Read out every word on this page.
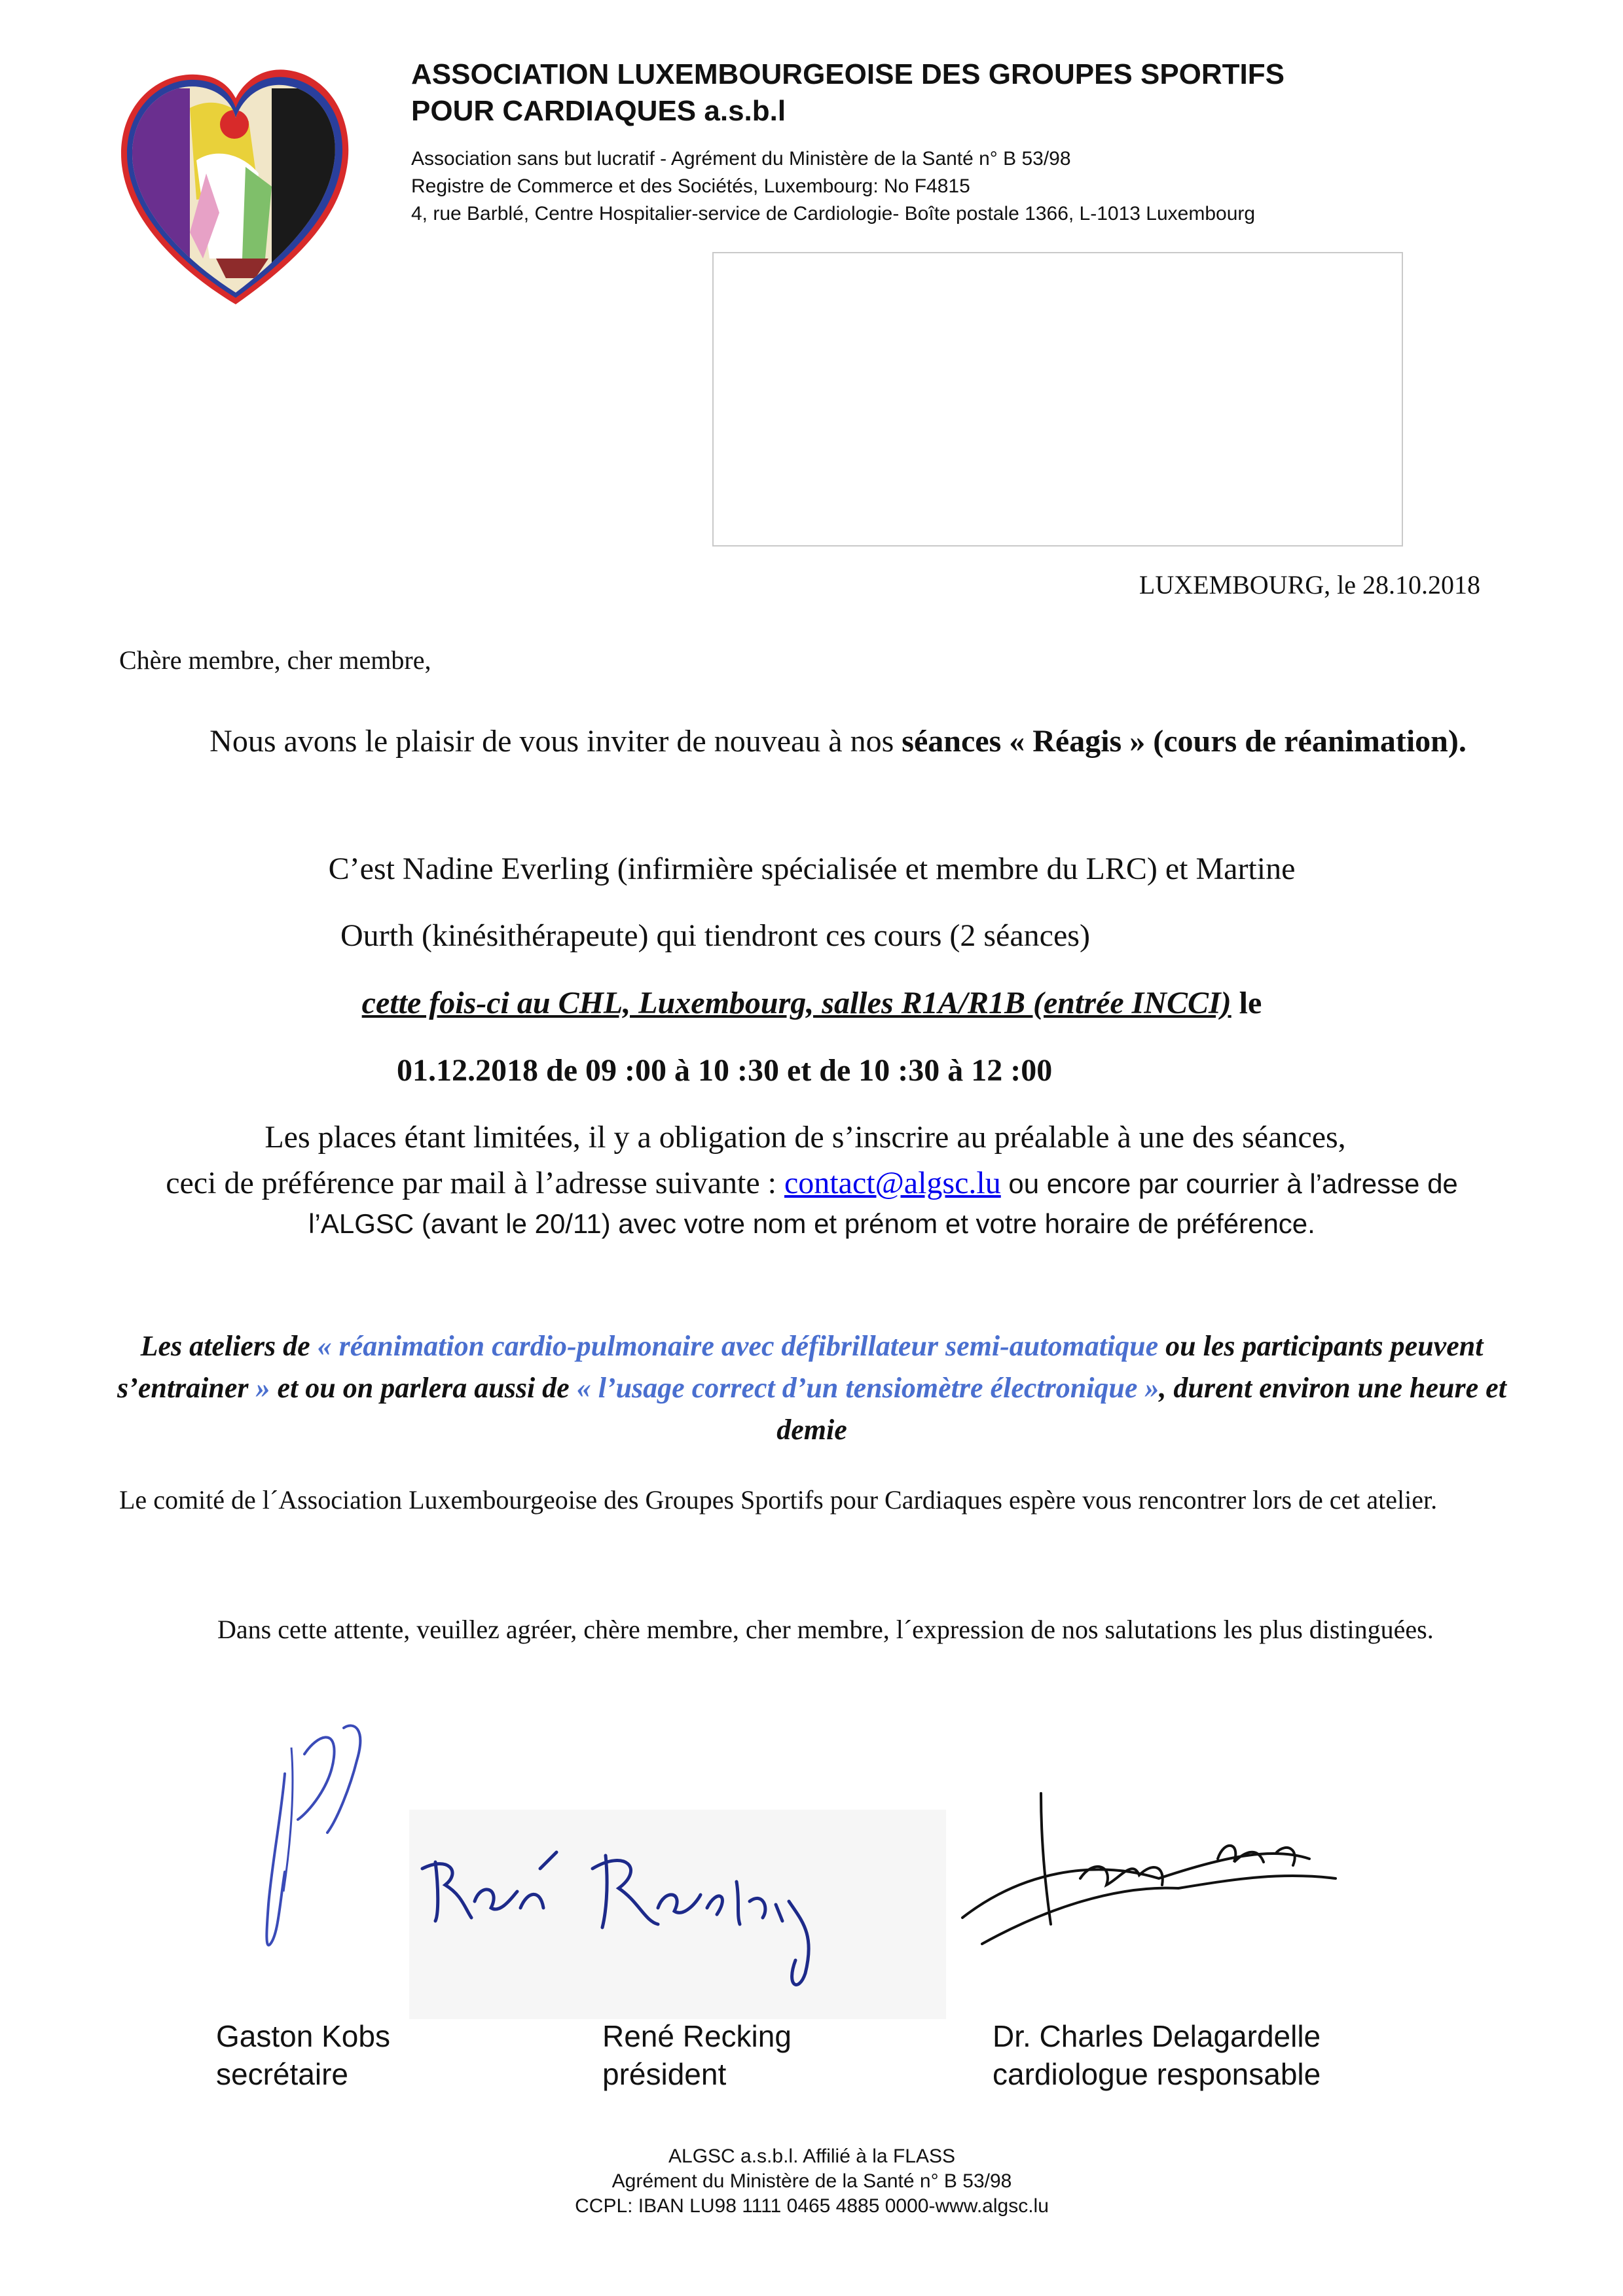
ASSOCIATION LUXEMBOURGEOISE DES GROUPES SPORTIFS
POUR CARDIAQUES a.s.b.l
Association sans but lucratif - Agrément du Ministère de la Santé n° B 53/98
Registre de Commerce et des Sociétés, Luxembourg: No F4815
4, rue Barblé, Centre Hospitalier-service de Cardiologie- Boîte postale 1366, L-1013 Luxembourg
LUXEMBOURG, le 28.10.2018
Chère membre, cher membre,
Nous avons le plaisir de vous inviter de nouveau à nos séances « Réagis » (cours de réanimation).
C’est Nadine Everling (infirmière spécialisée et membre du LRC) et Martine
Ourth (kinésithérapeute) qui tiendront ces cours (2 séances)
cette fois-ci au CHL, Luxembourg, salles R1A/R1B (entrée INCCI) le
01.12.2018 de 09 :00 à 10 :30 et de 10 :30 à 12 :00
Les places étant limitées, il y a obligation de s’inscrire au préalable à une des séances,
ceci de préférence par mail à l’adresse suivante : contact@algsc.lu ou encore par courrier à l’adresse de l’ALGSC (avant le 20/11) avec votre nom et prénom et votre horaire de préférence.
Les ateliers de « réanimation cardio-pulmonaire avec défibrillateur semi-automatique ou les participants peuvent s’entrainer » et ou on parlera aussi de « l’usage correct d’un tensiomètre électronique », durent environ une heure et demie
Le comité de l´Association Luxembourgeoise des Groupes Sportifs pour Cardiaques espère vous rencontrer lors de cet atelier.
Dans cette attente, veuillez agréer, chère membre, cher membre, l´expression de nos salutations les plus distinguées.
Gaston Kobs
secrétaire
René Recking
président
Dr. Charles Delagardelle
cardiologue responsable
ALGSC a.s.b.l. Affilié à la FLASS
Agrément du Ministère de la Santé n° B 53/98
CCPL: IBAN LU98 1111 0465 4885 0000-www.algsc.lu
